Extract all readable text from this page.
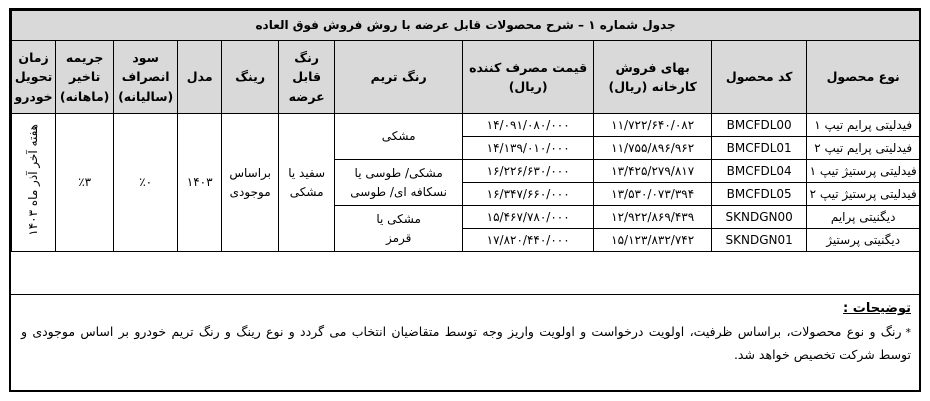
جدول شماره ۱ – شرح محصولات قابل عرضه با روش فروش فوق العاده										
نوع محصول	کد محصول	بهای فروش کارخانه (ریال)	قیمت مصرف کننده (ریال)	رنگ تریم	رنگ قابل عرضه	رینگ	مدل	سود انصراف (سالیانه)	جریمه تاخیر (ماهانه)	زمان تحویل خودرو
فیدلیتی پرایم تیپ ۱	BMCFDL00	۱۱/۷۲۲/۶۴۰/۰۸۲	۱۴/۰۹۱/۰۸۰/۰۰۰	مشکی	سفید یا مشکی	براساس موجودی	۱۴۰۳	٪۰	٪۳	هفته آخر آذر ماه ۱۴۰۳
فیدلیتی پرایم تیپ ۲	BMCFDL01	۱۱/۷۵۵/۸۹۶/۹۶۲	۱۴/۱۳۹/۰۱۰/۰۰۰							
فیدلیتی پرستیژ تیپ ۱	BMCFDL04	۱۳/۴۲۵/۲۷۹/۸۱۷	۱۶/۲۲۶/۶۳۰/۰۰۰	مشکی/ طوسی یا نسکافه ای/ طوسی						
فیدلیتی پرستیژ تیپ ۲	BMCFDL05	۱۳/۵۳۰/۰۷۳/۳۹۴	۱۶/۳۴۷/۶۶۰/۰۰۰							
دیگنیتی پرایم	SKNDGN00	۱۲/۹۲۲/۸۶۹/۴۳۹	۱۵/۴۶۷/۷۸۰/۰۰۰	مشکی یا قرمز						
دیگنیتی پرستیژ	SKNDGN01	۱۵/۱۲۳/۸۳۲/۷۴۲	۱۷/۸۲۰/۴۴۰/۰۰۰							

توضیحات :

*رنگ و نوع محصولات، براساس ظرفیت، اولویت درخواست و اولویت واریز وجه توسط متقاضیان انتخاب می گردد و نوع رینگ و رنگ تریم خودرو بر اساس موجودی و توسط شرکت تخصیص خواهد شد.
